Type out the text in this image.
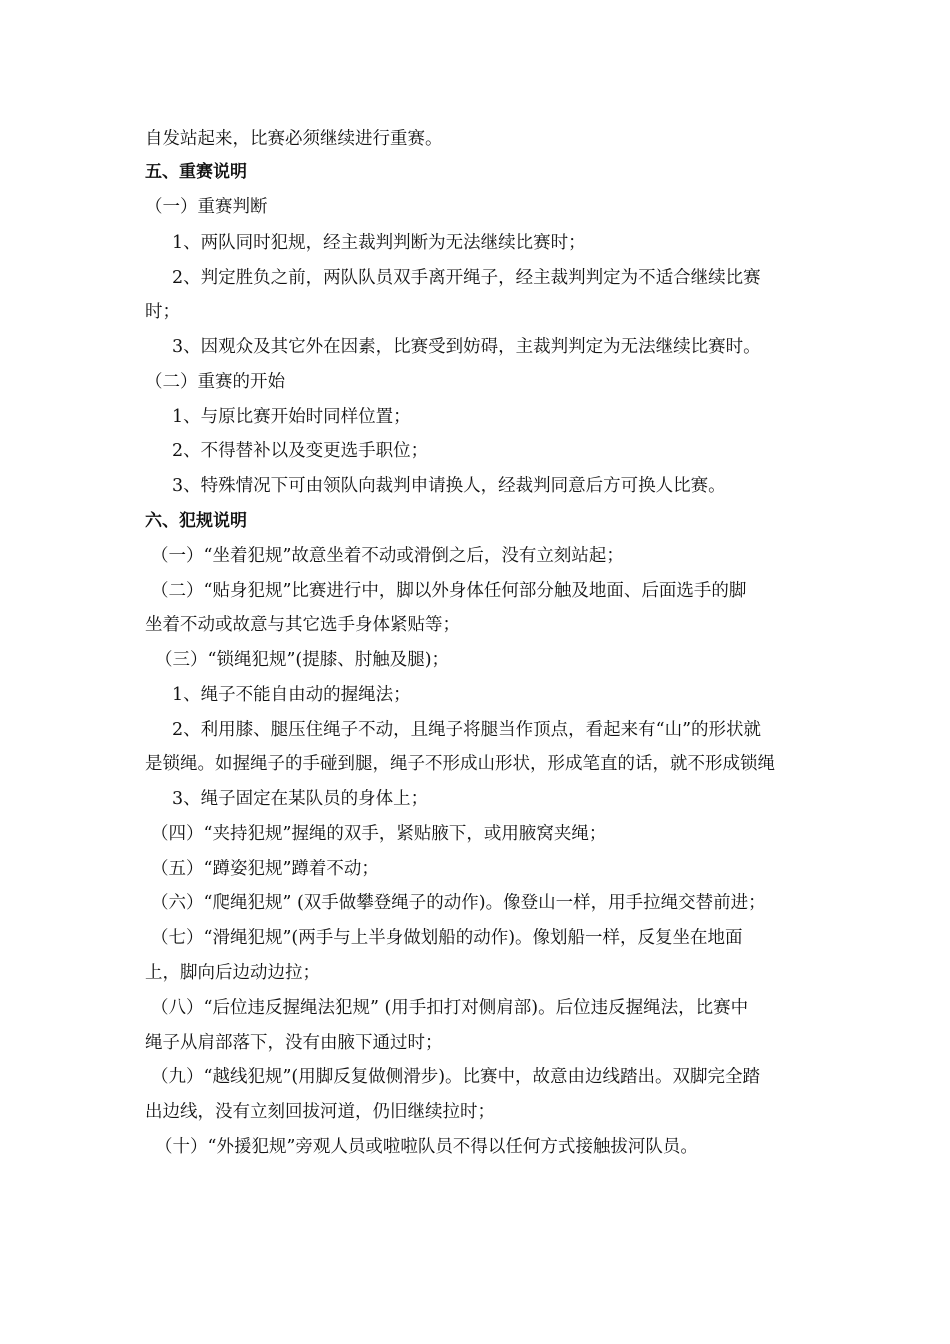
自发站起来，比赛必须继续进行重赛。

五、重赛说明

（一）重赛判断

1、两队同时犯规，经主裁判判断为无法继续比赛时；

2、判定胜负之前，两队队员双手离开绳子，经主裁判判定为不适合继续比赛

时；

3、因观众及其它外在因素，比赛受到妨碍，主裁判判定为无法继续比赛时。

（二）重赛的开始

1、与原比赛开始时同样位置；

2、不得替补以及变更选手职位；

3、特殊情况下可由领队向裁判申请换人，经裁判同意后方可换人比赛。

六、犯规说明

（一）“坐着犯规”故意坐着不动或滑倒之后，没有立刻站起；

（二）“贴身犯规”比赛进行中，脚以外身体任何部分触及地面、后面选手的脚

坐着不动或故意与其它选手身体紧贴等；

（三）“锁绳犯规”(提膝、肘触及腿)；

1、绳子不能自由动的握绳法；

2、利用膝、腿压住绳子不动，且绳子将腿当作顶点，看起来有“山”的形状就

是锁绳。如握绳子的手碰到腿，绳子不形成山形状，形成笔直的话，就不形成锁绳

3、绳子固定在某队员的身体上；

（四）“夹持犯规”握绳的双手，紧贴腋下，或用腋窝夹绳；

（五）“蹲姿犯规”蹲着不动；

（六）“爬绳犯规” (双手做攀登绳子的动作)。像登山一样，用手拉绳交替前进；

（七）“滑绳犯规”(两手与上半身做划船的动作)。像划船一样，反复坐在地面

上，脚向后边动边拉；

（八）“后位违反握绳法犯规” (用手扣打对侧肩部)。后位违反握绳法，比赛中

绳子从肩部落下，没有由腋下通过时；

（九）“越线犯规”(用脚反复做侧滑步)。比赛中，故意由边线踏出。双脚完全踏

出边线，没有立刻回拔河道，仍旧继续拉时；

（十）“外援犯规”旁观人员或啦啦队员不得以任何方式接触拔河队员。
